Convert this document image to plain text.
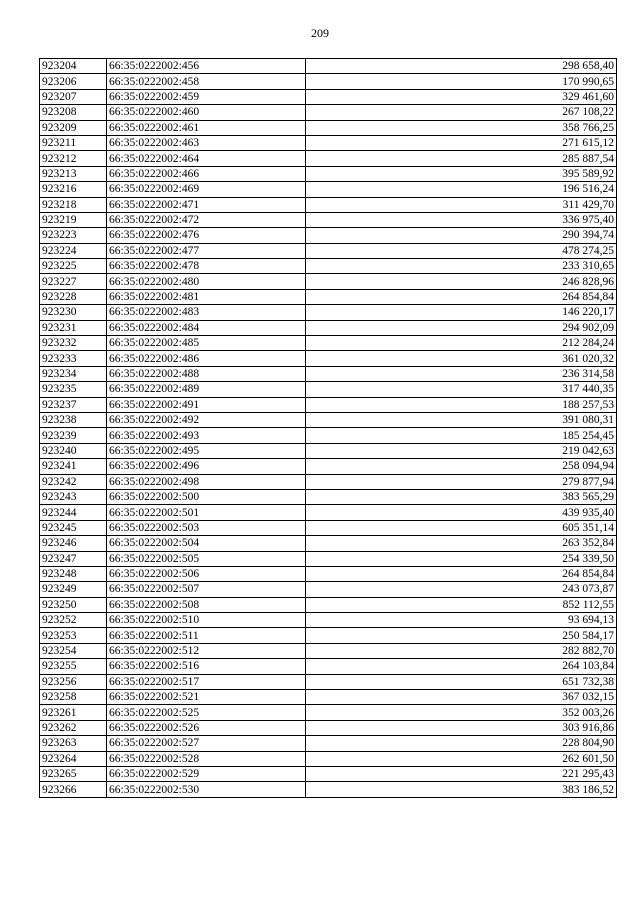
209
923204	66:35:0222002:456	298 658,40
923206	66:35:0222002:458	170 990,65
923207	66:35:0222002:459	329 461,60
923208	66:35:0222002:460	267 108,22
923209	66:35:0222002:461	358 766,25
923211	66:35:0222002:463	271 615,12
923212	66:35:0222002:464	285 887,54
923213	66:35:0222002:466	395 589,92
923216	66:35:0222002:469	196 516,24
923218	66:35:0222002:471	311 429,70
923219	66:35:0222002:472	336 975,40
923223	66:35:0222002:476	290 394,74
923224	66:35:0222002:477	478 274,25
923225	66:35:0222002:478	233 310,65
923227	66:35:0222002:480	246 828,96
923228	66:35:0222002:481	264 854,84
923230	66:35:0222002:483	146 220,17
923231	66:35:0222002:484	294 902,09
923232	66:35:0222002:485	212 284,24
923233	66:35:0222002:486	361 020,32
923234	66:35:0222002:488	236 314,58
923235	66:35:0222002:489	317 440,35
923237	66:35:0222002:491	188 257,53
923238	66:35:0222002:492	391 080,31
923239	66:35:0222002:493	185 254,45
923240	66:35:0222002:495	219 042,63
923241	66:35:0222002:496	258 094,94
923242	66:35:0222002:498	279 877,94
923243	66:35:0222002:500	383 565,29
923244	66:35:0222002:501	439 935,40
923245	66:35:0222002:503	605 351,14
923246	66:35:0222002:504	263 352,84
923247	66:35:0222002:505	254 339,50
923248	66:35:0222002:506	264 854,84
923249	66:35:0222002:507	243 073,87
923250	66:35:0222002:508	852 112,55
923252	66:35:0222002:510	93 694,13
923253	66:35:0222002:511	250 584,17
923254	66:35:0222002:512	282 882,70
923255	66:35:0222002:516	264 103,84
923256	66:35:0222002:517	651 732,38
923258	66:35:0222002:521	367 032,15
923261	66:35:0222002:525	352 003,26
923262	66:35:0222002:526	303 916,86
923263	66:35:0222002:527	228 804,90
923264	66:35:0222002:528	262 601,50
923265	66:35:0222002:529	221 295,43
923266	66:35:0222002:530	383 186,52
